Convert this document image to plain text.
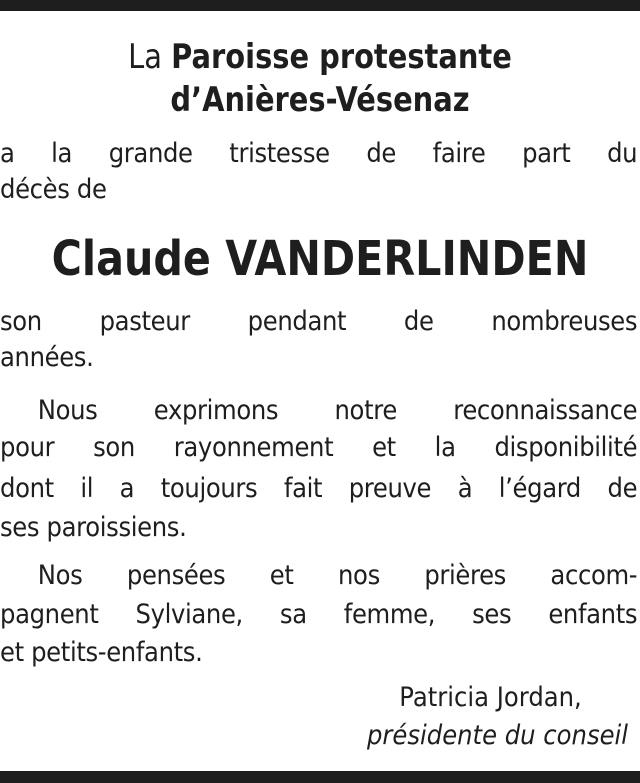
La Paroisse protestante
d’Anières-Vésenaz
a la grande tristesse de faire part du
décès de
Claude VANDERLINDEN
son pasteur pendant de nombreuses
années.
Nous exprimons notre reconnaissance
pour son rayonnement et la disponibilité
dont il a toujours fait preuve à l’égard de
ses paroissiens.
Nos pensées et nos prières accom-
pagnent Sylviane, sa femme, ses enfants
et petits-enfants.
Patricia Jordan,
présidente du conseil
